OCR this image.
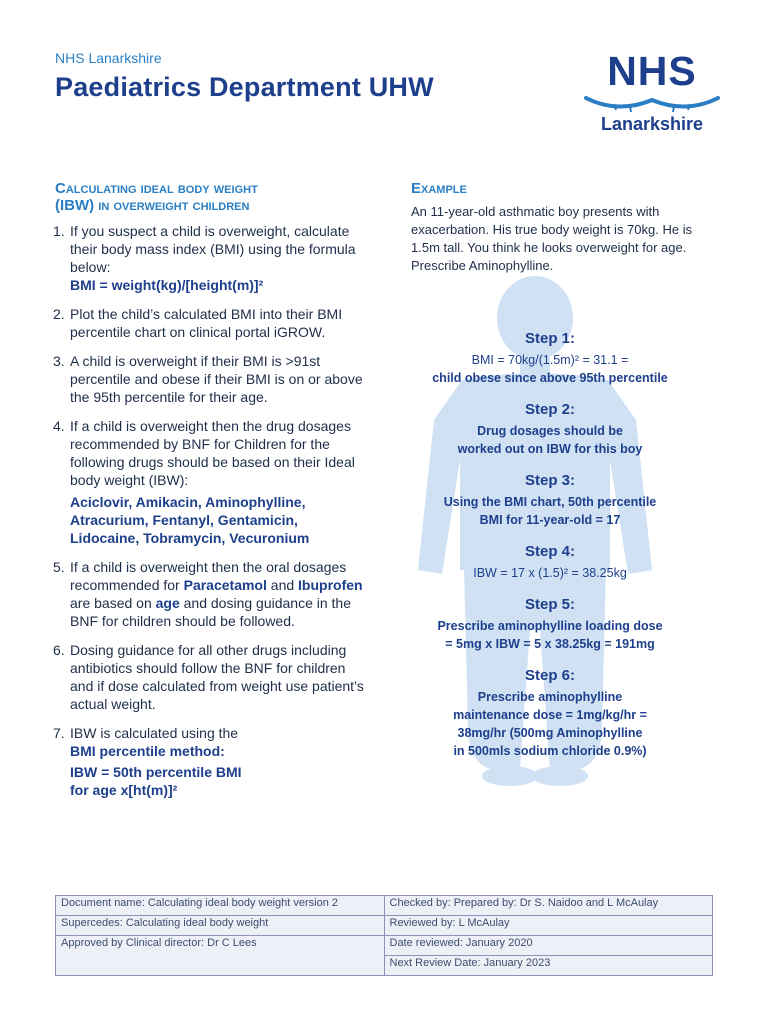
NHS Lanarkshire
Paediatrics Department UHW	NHS
Lanarkshire
Calculating ideal body weight
(IBW) in overweight children
1. If you suspect a child is overweight, calculate their body mass index (BMI) using the formula below:
BMI = weight(kg)/[height(m)]²
2. Plot the child’s calculated BMI into their BMI percentile chart on clinical portal iGROW.
3. A child is overweight if their BMI is >91st percentile and obese if their BMI is on or above the 95th percentile for their age.
4. If a child is overweight then the drug dosages recommended by BNF for Children for the following drugs should be based on their Ideal body weight (IBW):
Aciclovir, Amikacin, Aminophylline, Atracurium, Fentanyl, Gentamicin, Lidocaine, Tobramycin, Vecuronium
5. If a child is overweight then the oral dosages recommended for Paracetamol and Ibuprofen are based on age and dosing guidance in the BNF for children should be followed.
6. Dosing guidance for all other drugs including antibiotics should follow the BNF for children and if dose calculated from weight use patient’s actual weight.
7. IBW is calculated using the
BMI percentile method:
IBW = 50th percentile BMI
for age x[ht(m)]²
Example
An 11-year-old asthmatic boy presents with exacerbation. His true body weight is 70kg. He is 1.5m tall. You think he looks overweight for age. Prescribe Aminophylline.
Step 1:
BMI = 70kg/(1.5m)² = 31.1 =
child obese since above 95th percentile
Step 2:
Drug dosages should be
worked out on IBW for this boy
Step 3:
Using the BMI chart, 50th percentile
BMI for 11-year-old = 17
Step 4:
IBW = 17 x (1.5)² = 38.25kg
Step 5:
Prescribe aminophylline loading dose
= 5mg x IBW = 5 x 38.25kg = 191mg
Step 6:
Prescribe aminophylline
maintenance dose = 1mg/kg/hr =
38mg/hr (500mg Aminophylline
in 500mls sodium chloride 0.9%)
Document name: Calculating ideal body weight version 2	Checked by: Prepared by: Dr S. Naidoo and L McAulay
Supercedes: Calculating ideal body weight	Reviewed by: L McAulay
Approved by Clinical director: Dr C Lees	Date reviewed: January 2020
	Next Review Date: January 2023
